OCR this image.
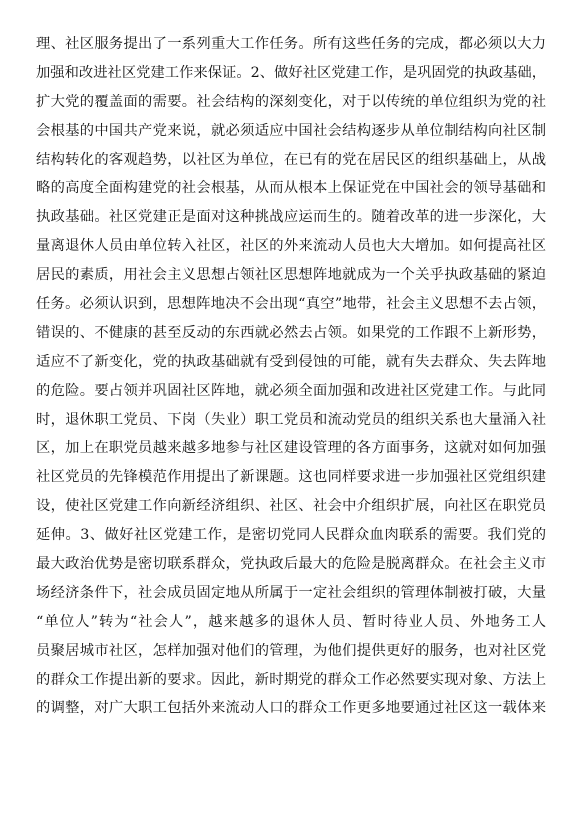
理、社区服务提出了一系列重大工作任务。所有这些任务的完成，都必须以大力
加强和改进社区党建工作来保证。2、做好社区党建工作，是巩固党的执政基础，
扩大党的覆盖面的需要。社会结构的深刻变化，对于以传统的单位组织为党的社
会根基的中国共产党来说，就必须适应中国社会结构逐步从单位制结构向社区制
结构转化的客观趋势，以社区为单位，在已有的党在居民区的组织基础上，从战
略的高度全面构建党的社会根基，从而从根本上保证党在中国社会的领导基础和
执政基础。社区党建正是面对这种挑战应运而生的。随着改革的进一步深化，大
量离退休人员由单位转入社区，社区的外来流动人员也大大增加。如何提高社区
居民的素质，用社会主义思想占领社区思想阵地就成为一个关乎执政基础的紧迫
任务。必须认识到，思想阵地决不会出现“真空”地带，社会主义思想不去占领，
错误的、不健康的甚至反动的东西就必然去占领。如果党的工作跟不上新形势，
适应不了新变化，党的执政基础就有受到侵蚀的可能，就有失去群众、失去阵地
的危险。要占领并巩固社区阵地，就必须全面加强和改进社区党建工作。与此同
时，退休职工党员、下岗（失业）职工党员和流动党员的组织关系也大量涌入社
区，加上在职党员越来越多地参与社区建设管理的各方面事务，这就对如何加强
社区党员的先锋模范作用提出了新课题。这也同样要求进一步加强社区党组织建
设，使社区党建工作向新经济组织、社区、社会中介组织扩展，向社区在职党员
延伸。3、做好社区党建工作，是密切党同人民群众血肉联系的需要。我们党的
最大政治优势是密切联系群众，党执政后最大的危险是脱离群众。在社会主义市
场经济条件下，社会成员固定地从所属于一定社会组织的管理体制被打破，大量
“单位人”转为“社会人”，越来越多的退休人员、暂时待业人员、外地务工人
员聚居城市社区，怎样加强对他们的管理，为他们提供更好的服务，也对社区党
的群众工作提出新的要求。因此，新时期党的群众工作必然要实现对象、方法上
的调整，对广大职工包括外来流动人口的群众工作更多地要通过社区这一载体来
